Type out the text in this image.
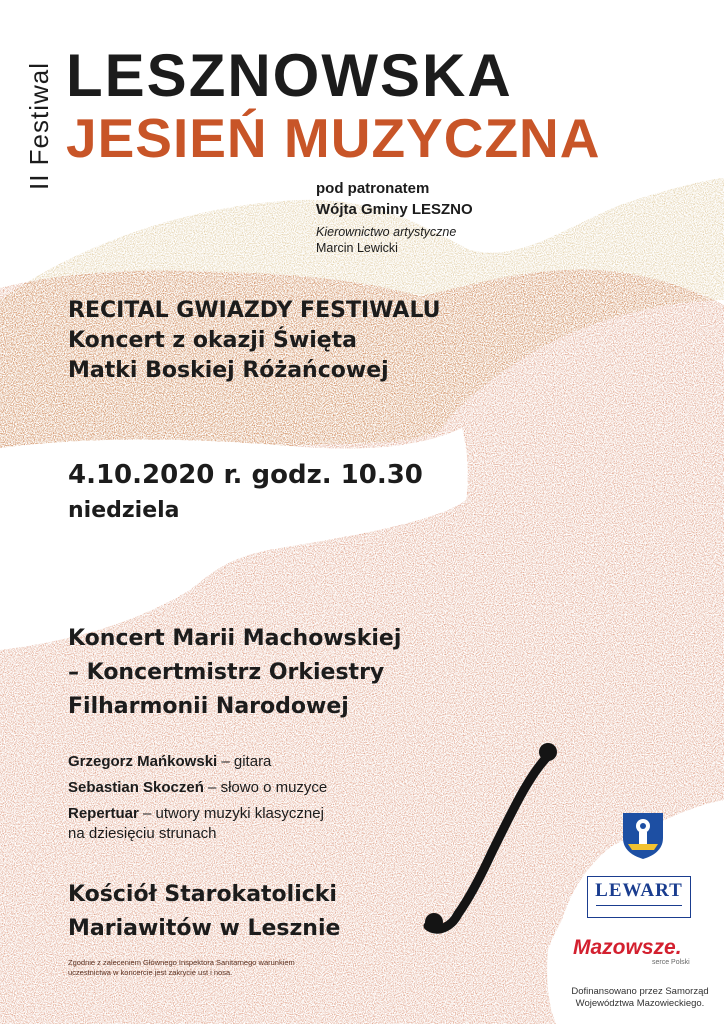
II Festiwal LESZNOWSKA
JESIEŃ MUZYCZNA
pod patronatem
Wójta Gminy LESZNO
Kierownictwo artystyczne
Marcin Lewicki
RECITAL GWIAZDY FESTIWALU
Koncert z okazji Święta
Matki Boskiej Różańcowej
4.10.2020 r. godz. 10.30
niedziela
Koncert Marii Machowskiej
– Koncertmistrz Orkiestry
Filharmonii Narodowej

Grzegorz Mańkowski – gitara

Sebastian Skoczeń – słowo o muzyce

Repertuar – utwory muzyki klasycznej
na dziesięciu strunach

Kościół Starokatolicki
Mariawitów w Lesznie
Zgodnie z zaleceniem Głównego Inspektora Sanitarnego warunkiem
uczestnictwa w koncercie jest zakrycie ust i nosa.
LEWART
Mazowsze.
serce Polski
Dofinansowano przez Samorząd
Województwa Mazowieckiego.
